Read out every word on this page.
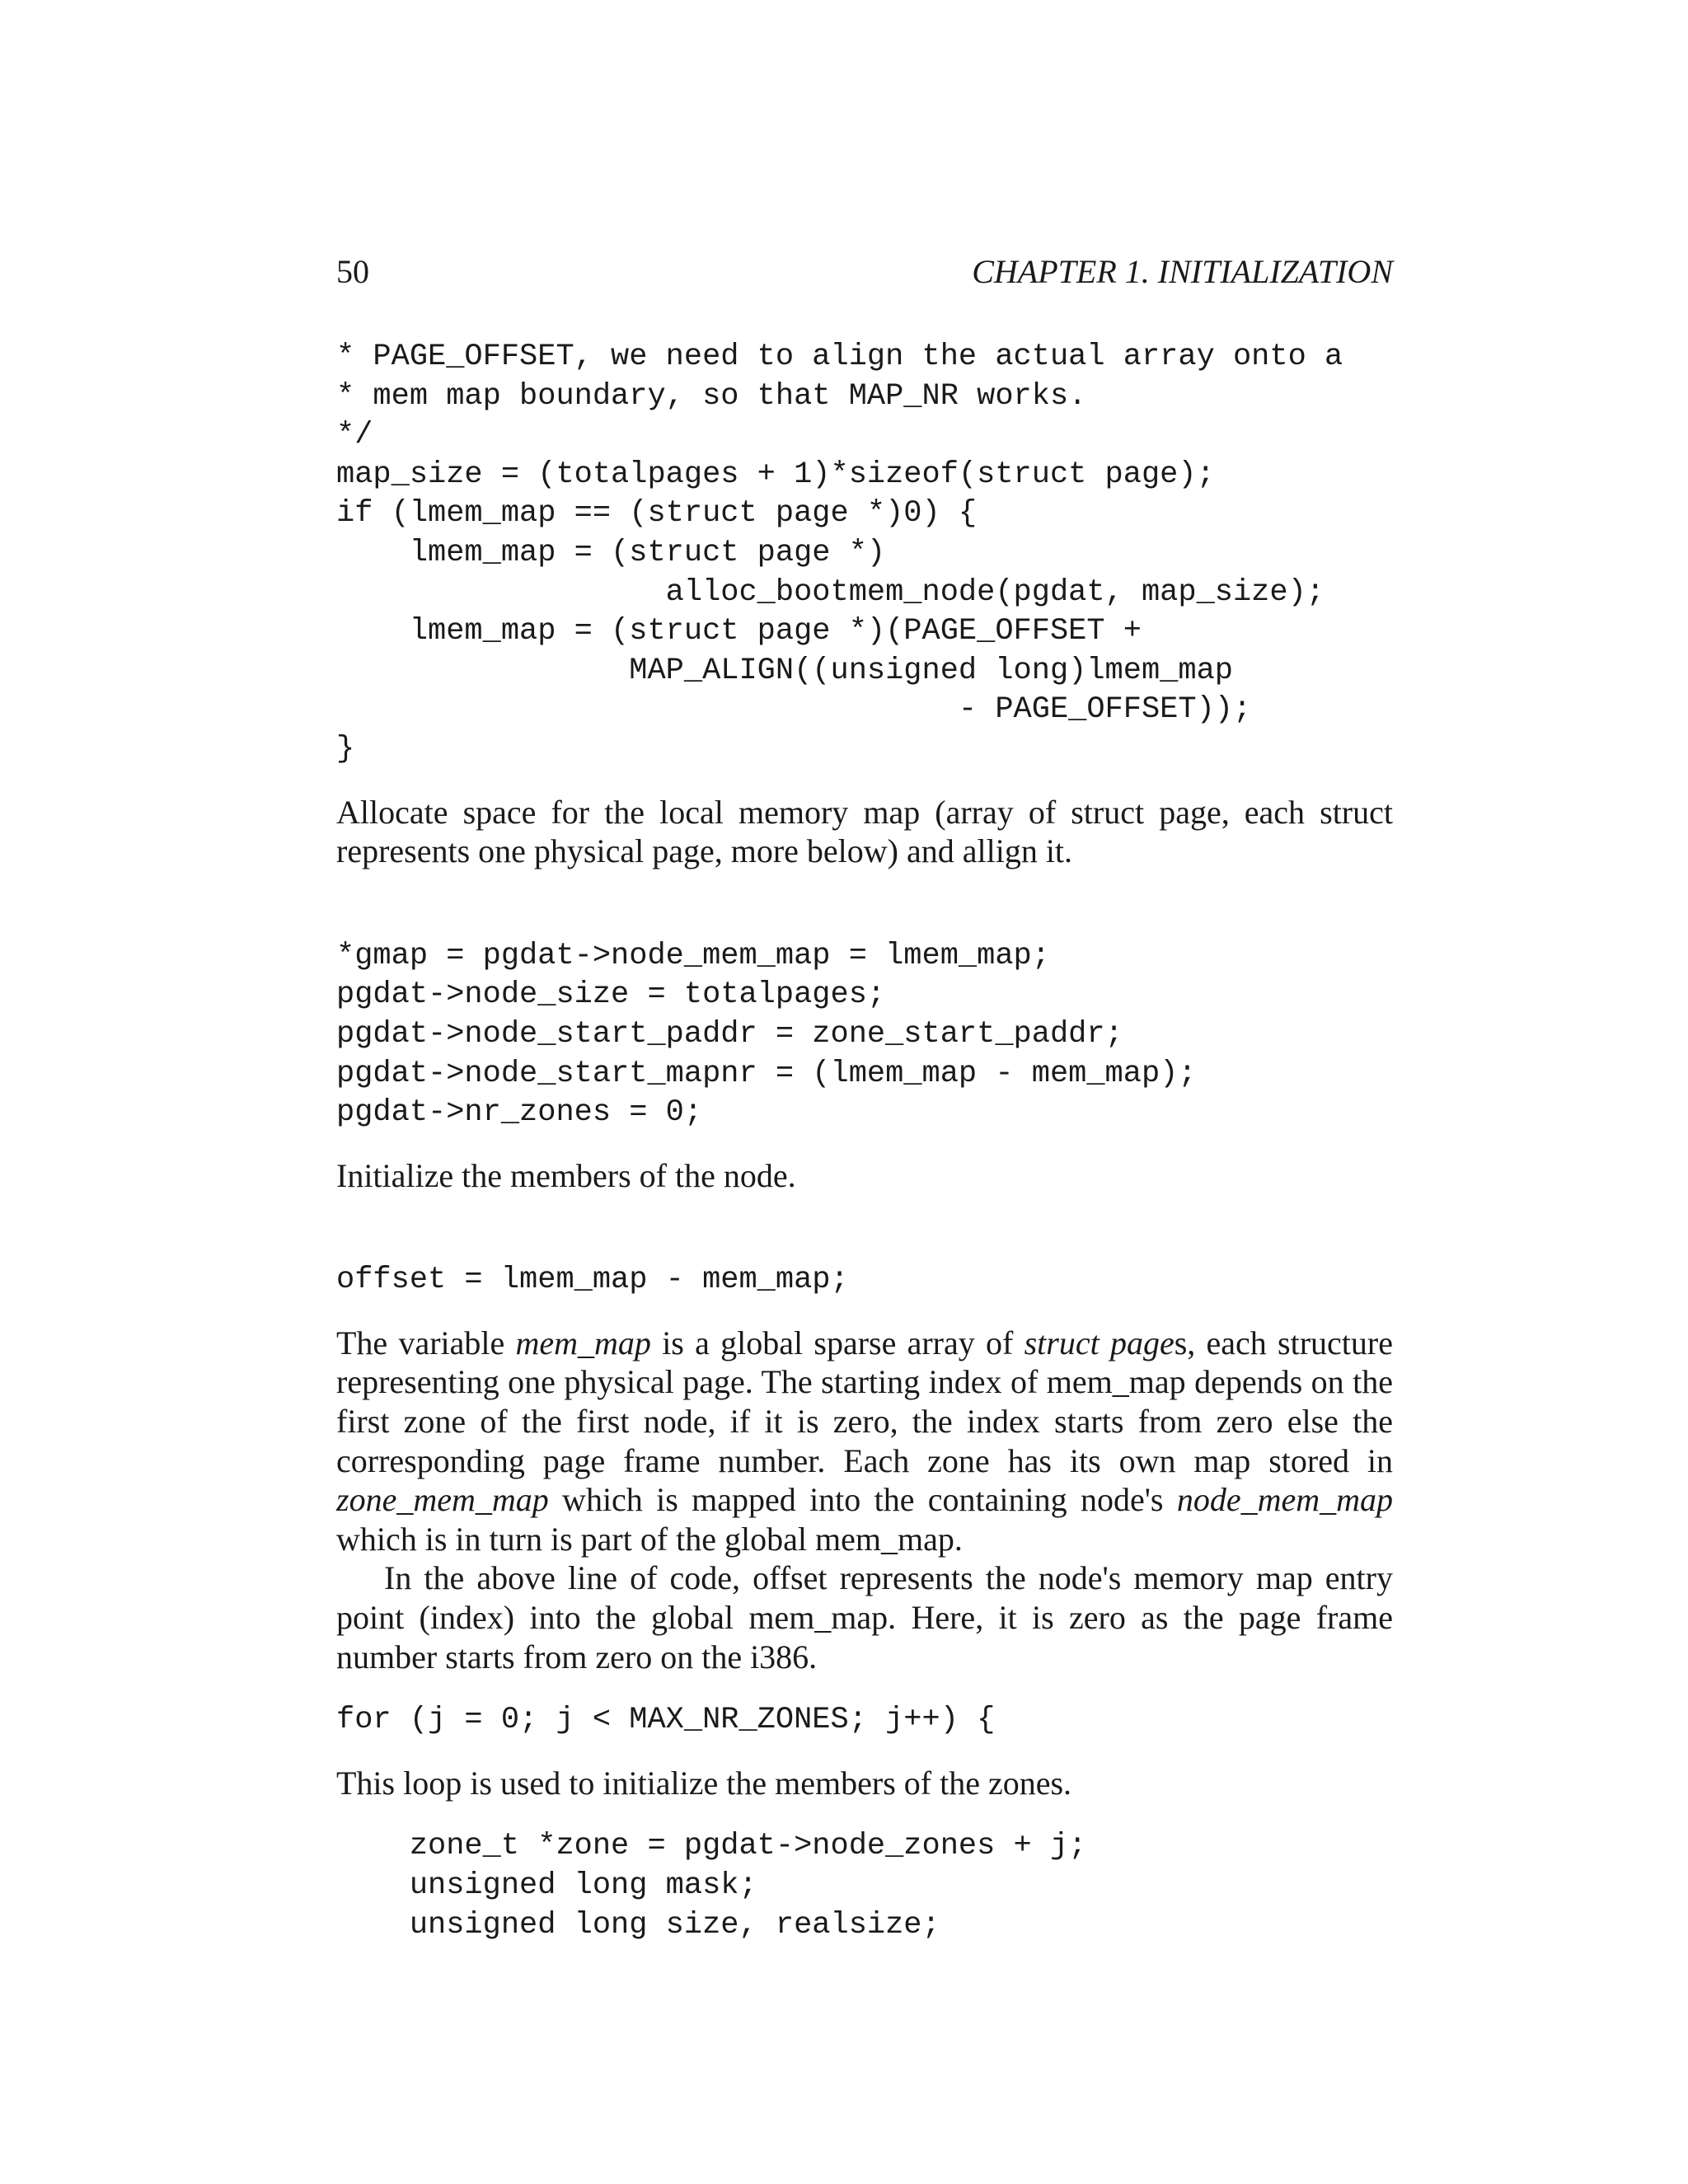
50	CHAPTER 1. INITIALIZATION
* PAGE_OFFSET, we need to align the actual array onto a
* mem map boundary, so that MAP_NR works.
*/
map_size = (totalpages + 1)*sizeof(struct page);
if (lmem_map == (struct page *)0) {
lmem_map = (struct page *)
alloc_bootmem_node(pgdat, map_size);
lmem_map = (struct page *)(PAGE_OFFSET +
MAP_ALIGN((unsigned long)lmem_map
- PAGE_OFFSET));
}

Allocate space for the local memory map (array of struct page, each struct represents one physical page, more below) and allign it.

*gmap = pgdat->node_mem_map = lmem_map;
pgdat->node_size = totalpages;
pgdat->node_start_paddr = zone_start_paddr;
pgdat->node_start_mapnr = (lmem_map - mem_map);
pgdat->nr_zones = 0;

Initialize the members of the node.

offset = lmem_map - mem_map;

The variable mem_map is a global sparse array of struct pages, each structure representing one physical page. The starting index of mem_map depends on the first zone of the first node, if it is zero, the index starts from zero else the corresponding page frame number. Each zone has its own map stored in zone_mem_map which is mapped into the containing node's node_mem_map which is in turn is part of the global mem_map.

In the above line of code, offset represents the node's memory map entry point (index) into the global mem_map. Here, it is zero as the page frame number starts from zero on the i386.

for (j = 0; j < MAX_NR_ZONES; j++) {

This loop is used to initialize the members of the zones.

zone_t *zone = pgdat->node_zones + j;
unsigned long mask;
unsigned long size, realsize;
